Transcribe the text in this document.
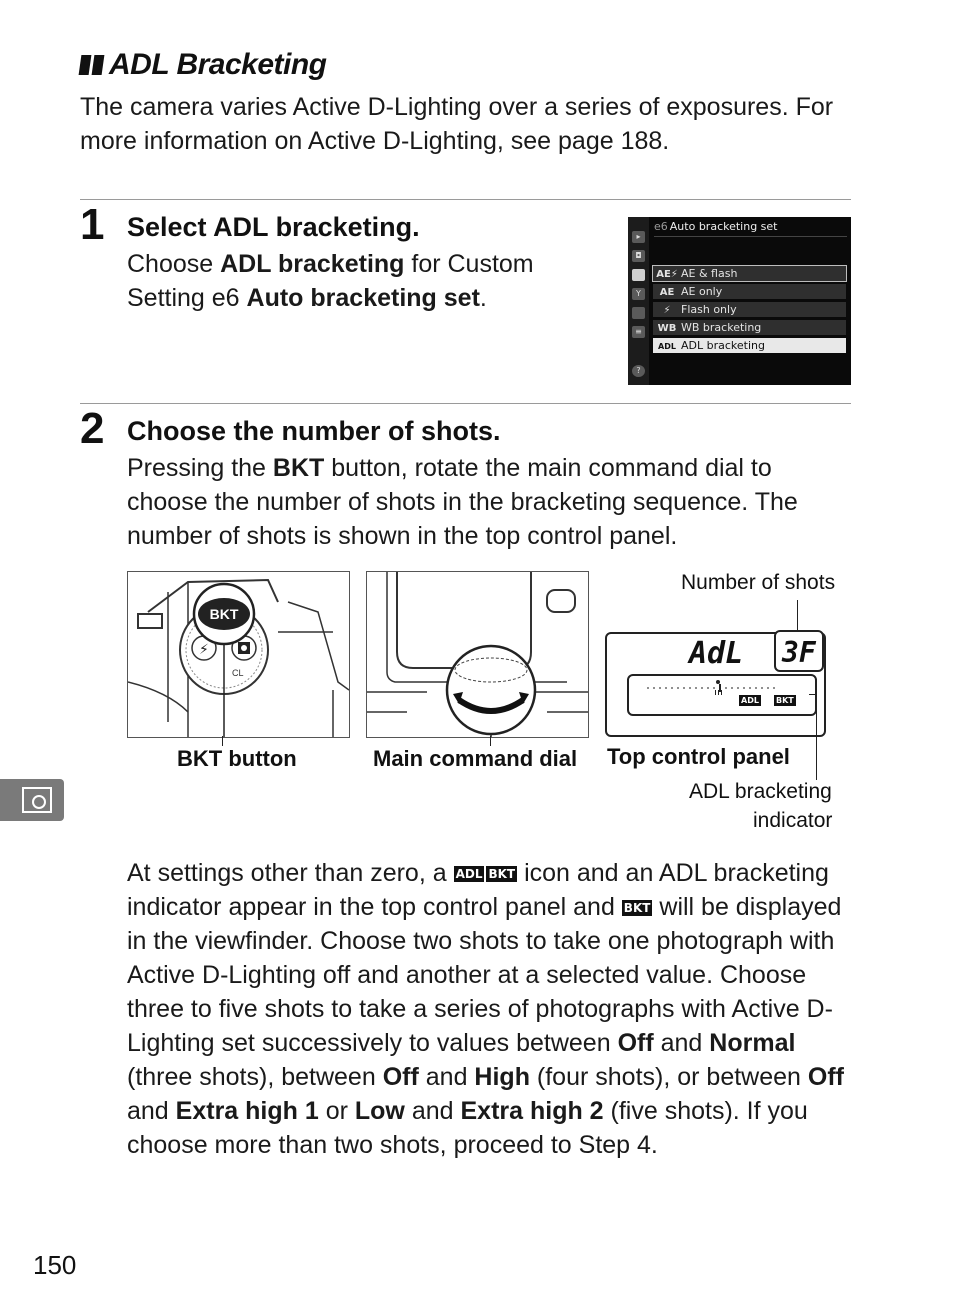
ADL Bracketing
The camera varies Active D-Lighting over a series of exposures. For more information on Active D-Lighting, see page 188.
1 Select ADL bracketing.
Choose ADL bracketing for Custom Setting e6 Auto bracketing set.
▸
◘
Y
≡
?
e6 Auto bracketing set
AE⚡ AE & flash
AE AE only
⚡ Flash only
WB WB bracketing
ADL ADL bracketing
2 Choose the number of shots.
Pressing the BKT button, rotate the main command dial to choose the number of shots in the bracketing sequence. The number of shots is shown in the top control panel.
⚡
BKT
CL
BKT button	Main command dial
Number of shots
AdL 3F
ADL BKT
Top control panel
ADL bracketing
indicator
At settings other than zero, a ADL BKT icon and an ADL bracketing indicator appear in the top control panel and BKT will be displayed in the viewfinder. Choose two shots to take one photograph with Active D-Lighting off and another at a selected value. Choose three to five shots to take a series of photographs with Active D-Lighting set successively to values between Off and Normal (three shots), between Off and High (four shots), or between Off and Extra high 1 or Low and Extra high 2 (five shots). If you choose more than two shots, proceed to Step 4.
150
